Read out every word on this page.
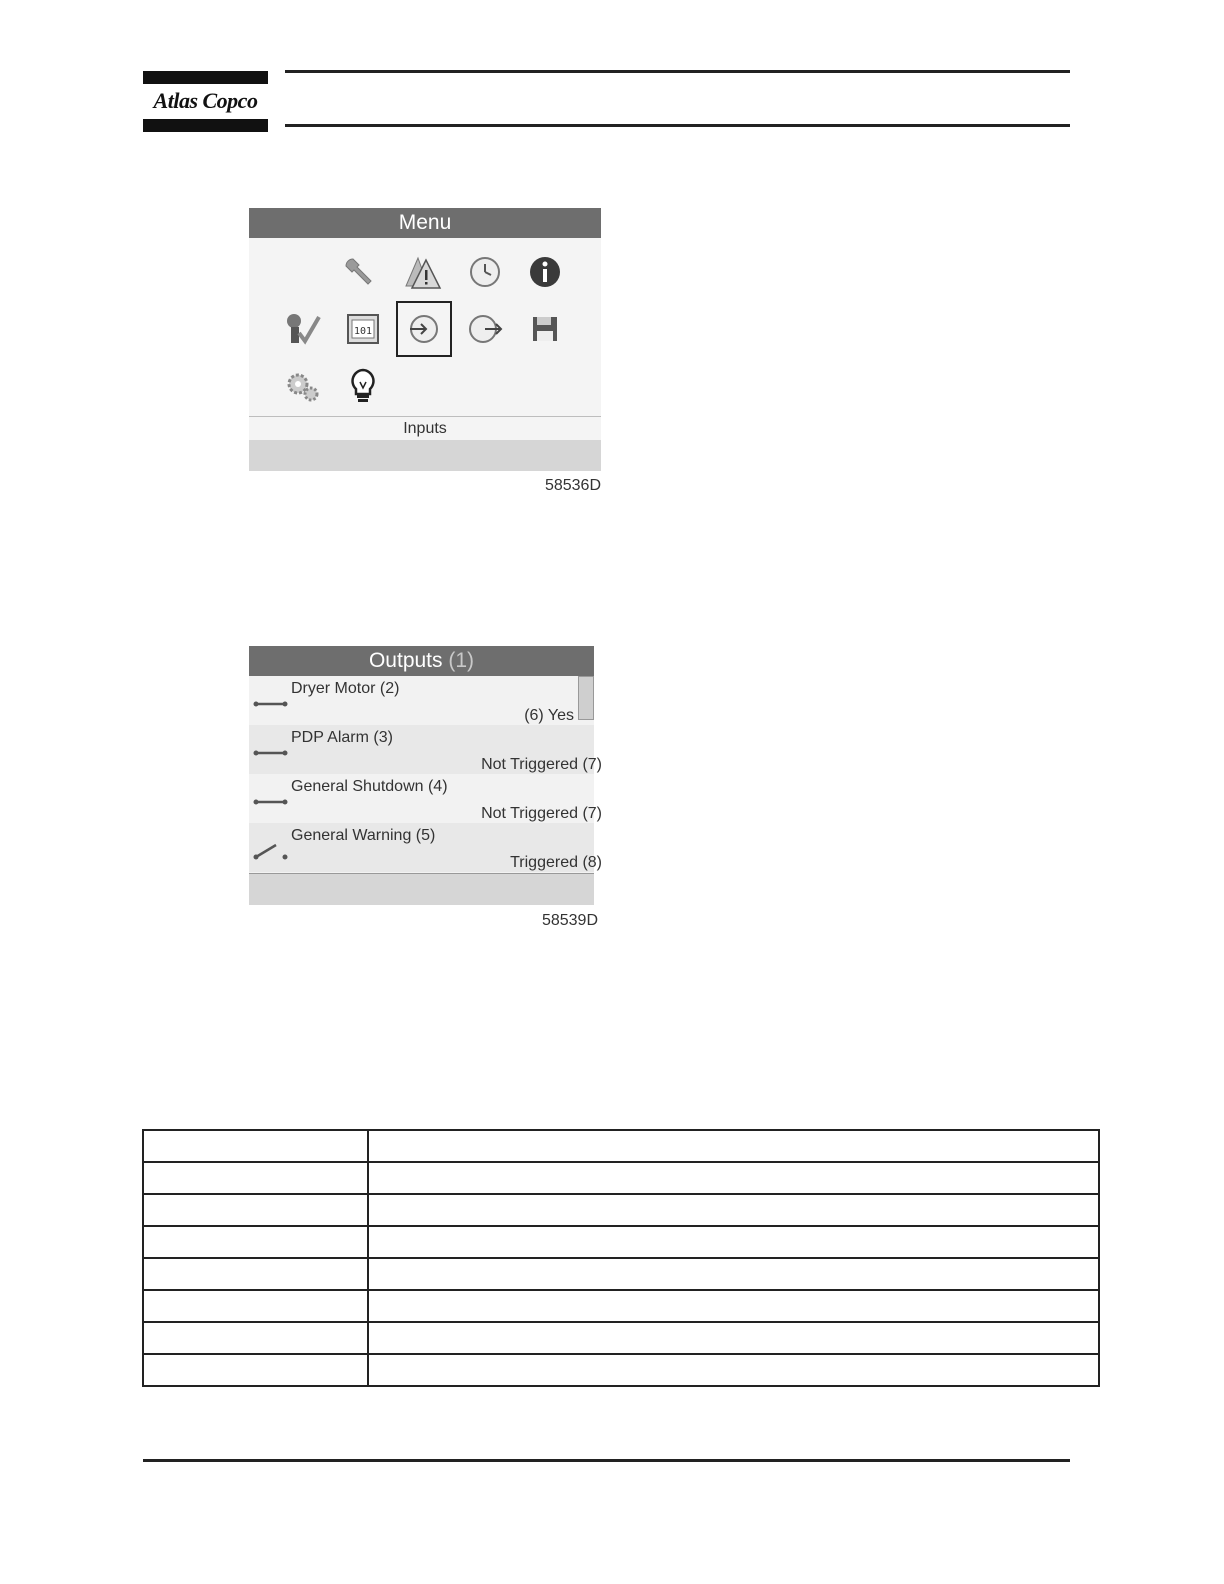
Atlas Copco
Menu
101
Inputs
58536D
Outputs (1)
Dryer Motor (2)
(6) Yes
PDP Alarm (3)
Not Triggered (7)
General Shutdown (4)
Not Triggered (7)
General Warning (5)
Triggered (8)
58539D
